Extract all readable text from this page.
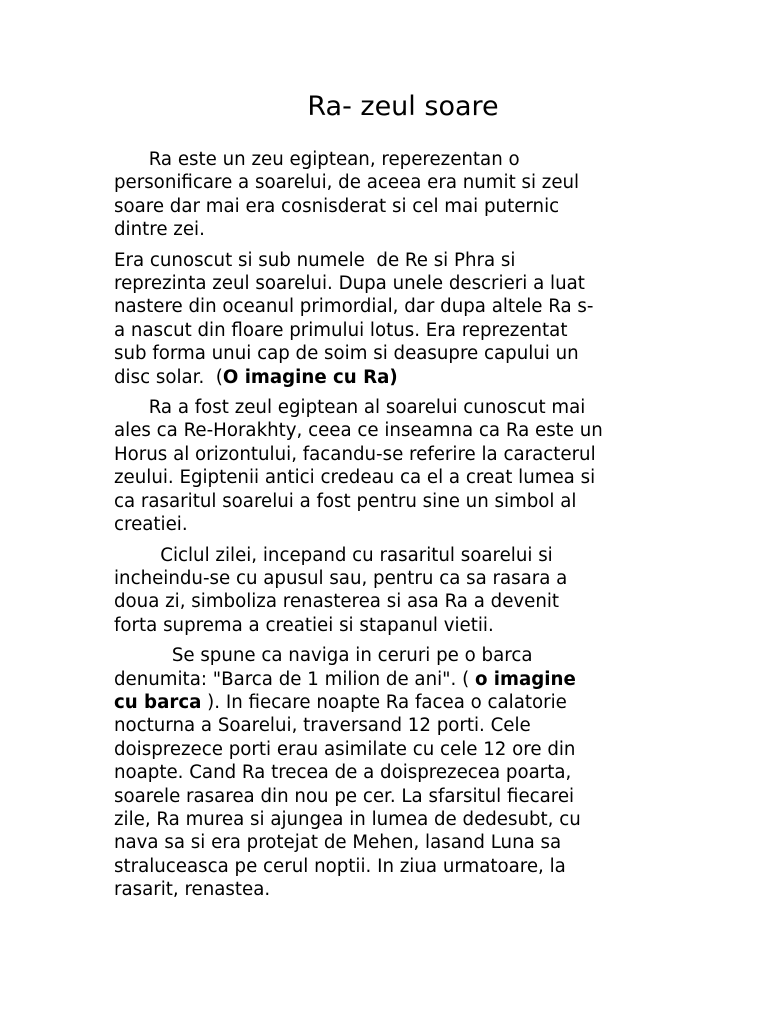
Ra- zeul soare

Ra este un zeu egiptean, reperezentan o
personificare a soarelui, de aceea era numit si zeul
soare dar mai era cosnisderat si cel mai puternic
dintre zei.

Era cunoscut si sub numele  de Re si Phra si
reprezinta zeul soarelui. Dupa unele descrieri a luat
nastere din oceanul primordial, dar dupa altele Ra s-
a nascut din floare primului lotus. Era reprezentat
sub forma unui cap de soim si deasupre capului un
disc solar.  (O imagine cu Ra)

Ra a fost zeul egiptean al soarelui cunoscut mai
ales ca Re-Horakhty, ceea ce inseamna ca Ra este un
Horus al orizontului, facandu-se referire la caracterul
zeului. Egiptenii antici credeau ca el a creat lumea si
ca rasaritul soarelui a fost pentru sine un simbol al
creatiei.

Ciclul zilei, incepand cu rasaritul soarelui si
incheindu-se cu apusul sau, pentru ca sa rasara a
doua zi, simboliza renasterea si asa Ra a devenit
forta suprema a creatiei si stapanul vietii.

Se spune ca naviga in ceruri pe o barca
denumita: "Barca de 1 milion de ani". ( o imagine
cu barca ). In fiecare noapte Ra facea o calatorie
nocturna a Soarelui, traversand 12 porti. Cele
doisprezece porti erau asimilate cu cele 12 ore din
noapte. Cand Ra trecea de a doisprezecea poarta,
soarele rasarea din nou pe cer. La sfarsitul fiecarei
zile, Ra murea si ajungea in lumea de dedesubt, cu
nava sa si era protejat de Mehen, lasand Luna sa
straluceasca pe cerul noptii. In ziua urmatoare, la
rasarit, renastea.
